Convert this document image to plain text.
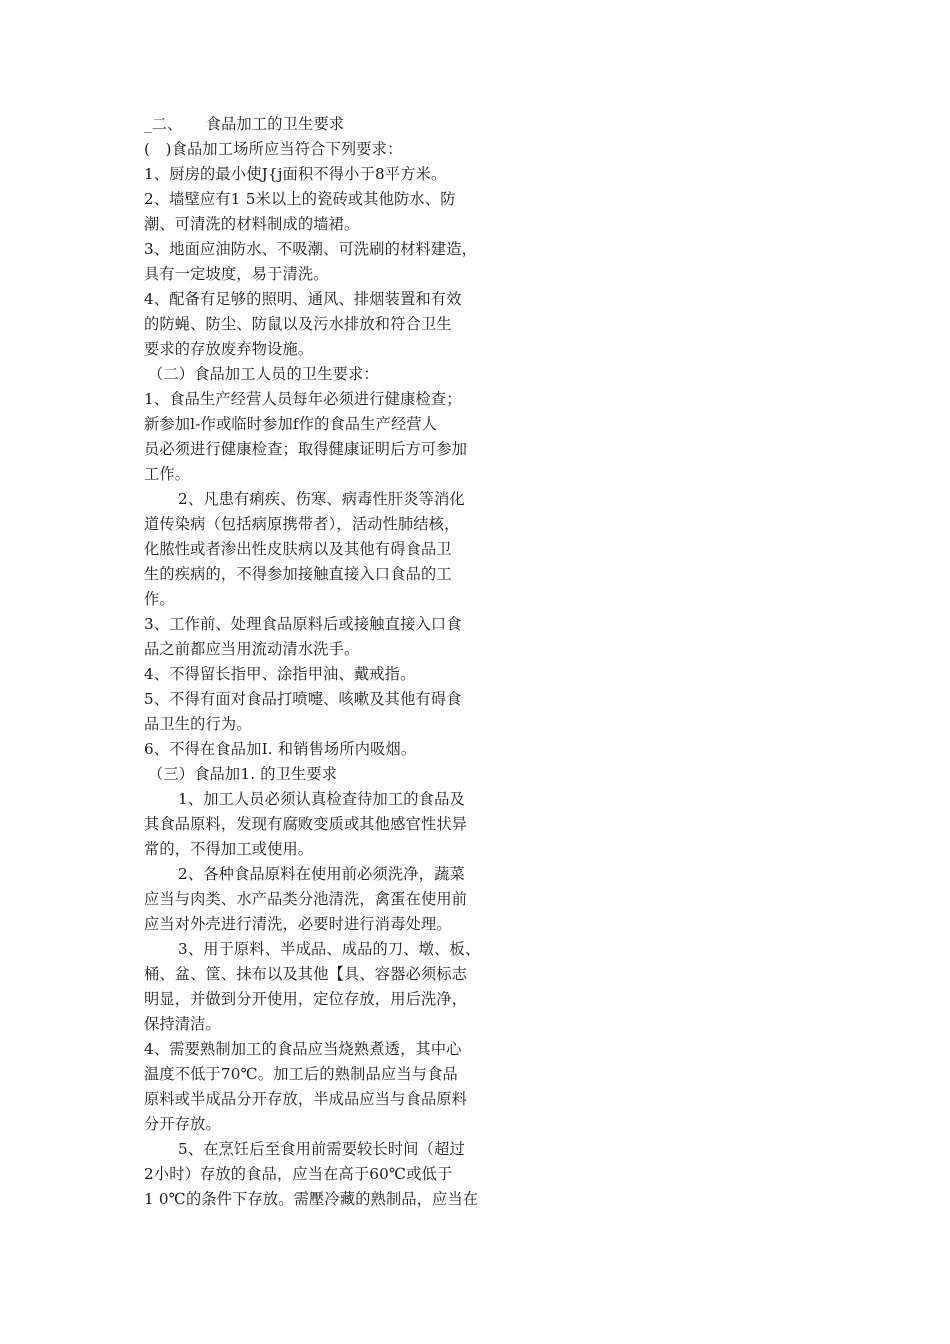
_二、　　食品加工的卫生要求
(　)食品加工场所应当符合下列要求：
1、厨房的最小使J{j面积不得小于8平方米。
2、墙壁应有1 5米以上的瓷砖或其他防水、防
潮、可清洗的材料制成的墙裙。
3、地面应油防水、不吸潮、可洗刷的材料建造，
具有一定坡度，易于清洗。
4、配备有足够的照明、通风、排烟装置和有效
的防蝇、防尘、防鼠以及污水排放和符合卫生
要求的存放废弃物设施。
（二）食品加工人员的卫生要求：
1、食品生产经营人员每年必须进行健康检查；
新参加l-作或临时参加f作的食品生产经营人
员必须进行健康检查；取得健康证明后方可参加
工作。
2、凡患有痢疾、伤寒、病毒性肝炎等消化
道传染病（包括病原携带者），活动性肺结核，
化脓性或者渗出性皮肤病以及其他有碍食品卫
生的疾病的，不得参加接触直接入口食品的工
作。
3、工作前、处理食品原料后或接触直接入口食
品之前都应当用流动清水洗手。
4、不得留长指甲、涂指甲油、戴戒指。
5、不得有面对食品打喷嚏、咳嗽及其他有碍食
品卫生的行为。
6、不得在食品加I. 和销售场所内吸烟。
（三）食品加1. 的卫生要求
1、加工人员必须认真检查待加工的食品及
其食品原料，发现有腐败变质或其他感官性状异
常的，不得加工或使用。
2、各种食品原料在使用前必须洗净，蔬菜
应当与肉类、水产品类分池清洗，禽蛋在使用前
应当对外壳进行清洗，必要时进行消毒处理。
3、用于原料、半成品、成品的刀、墩、板、
桶、盆、筐、抹布以及其他【具、容器必须标志
明显，并做到分开使用，定位存放，用后洗净，
保持清洁。
4、需要熟制加工的食品应当烧熟煮透，其中心
温度不低于70℃。加工后的熟制品应当与食品
原料或半成品分开存放，半成品应当与食品原料
分开存放。
5、在烹饪后至食用前需要较长时间（超过
2小时）存放的食品，应当在高于60℃或低于
1 0℃的条件下存放。需壓冷藏的熟制品，应当在
